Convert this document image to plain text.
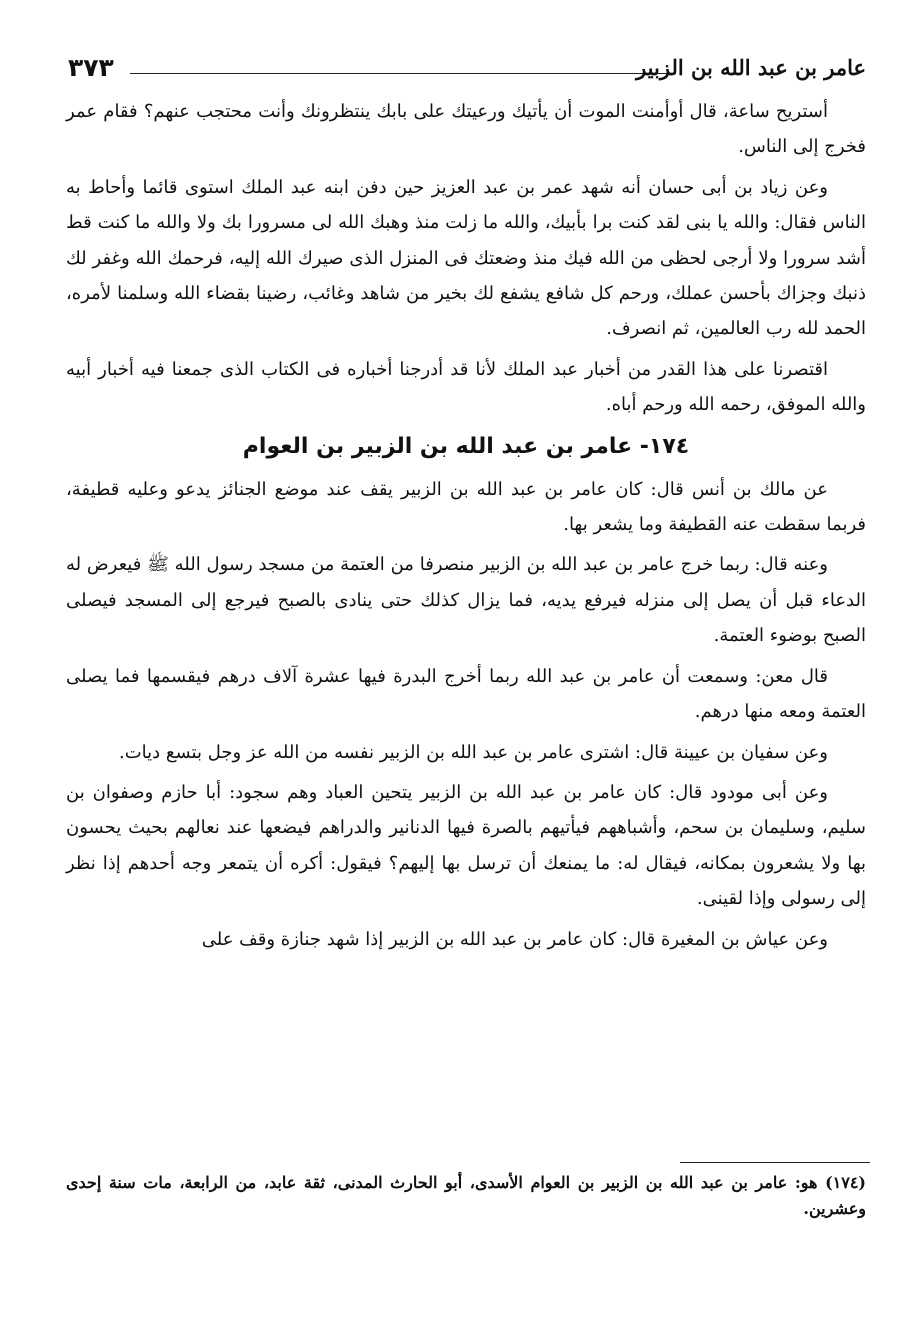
٣٧٣	عامر بن عبد الله بن الزبير

أستريح ساعة، قال أوأمنت الموت أن يأتيك ورعيتك على بابك ينتظرونك وأنت محتجب عنهم؟ فقام عمر فخرج إلى الناس.

وعن زياد بن أبى حسان أنه شهد عمر بن عبد العزيز حين دفن ابنه عبد الملك استوى قائما وأحاط به الناس فقال: والله يا بنى لقد كنت برا بأبيك، والله ما زلت منذ وهبك الله لى مسرورا بك ولا والله ما كنت قط أشد سرورا ولا أرجى لحظى من الله فيك منذ وضعتك فى المنزل الذى صيرك الله إليه، فرحمك الله وغفر لك ذنبك وجزاك بأحسن عملك، ورحم كل شافع يشفع لك بخير من شاهد وغائب، رضينا بقضاء الله وسلمنا لأمره، الحمد لله رب العالمين، ثم انصرف.

اقتصرنا على هذا القدر من أخبار عبد الملك لأنا قد أدرجنا أخباره فى الكتاب الذى جمعنا فيه أخبار أبيه والله الموفق، رحمه الله ورحم أباه.

١٧٤- عامر بن عبد الله بن الزبير بن العوام

عن مالك بن أنس قال: كان عامر بن عبد الله بن الزبير يقف عند موضع الجنائز يدعو وعليه قطيفة، فربما سقطت عنه القطيفة وما يشعر بها.

وعنه قال: ربما خرج عامر بن عبد الله بن الزبير منصرفا من العتمة من مسجد رسول الله ﷺ فيعرض له الدعاء قبل أن يصل إلى منزله فيرفع يديه، فما يزال كذلك حتى ينادى بالصبح فيرجع إلى المسجد فيصلى الصبح بوضوء العتمة.

قال معن: وسمعت أن عامر بن عبد الله ربما أخرج البدرة فيها عشرة آلاف درهم فيقسمها فما يصلى العتمة ومعه منها درهم.

وعن سفيان بن عيينة قال: اشترى عامر بن عبد الله بن الزبير نفسه من الله عز وجل بتسع ديات.

وعن أبى مودود قال: كان عامر بن عبد الله بن الزبير يتحين العباد وهم سجود: أبا حازم وصفوان بن سليم، وسليمان بن سحم، وأشباههم فيأتيهم بالصرة فيها الدنانير والدراهم فيضعها عند نعالهم بحيث يحسون بها ولا يشعرون بمكانه، فيقال له: ما يمنعك أن ترسل بها إليهم؟ فيقول: أكره أن يتمعر وجه أحدهم إذا نظر إلى رسولى وإذا لقينى.

وعن عياش بن المغيرة قال: كان عامر بن عبد الله بن الزبير إذا شهد جنازة وقف على

(١٧٤) هو: عامر بن عبد الله بن الزبير بن العوام الأسدى، أبو الحارث المدنى، ثقة عابد، من الرابعة، مات سنة إحدى وعشرين.
